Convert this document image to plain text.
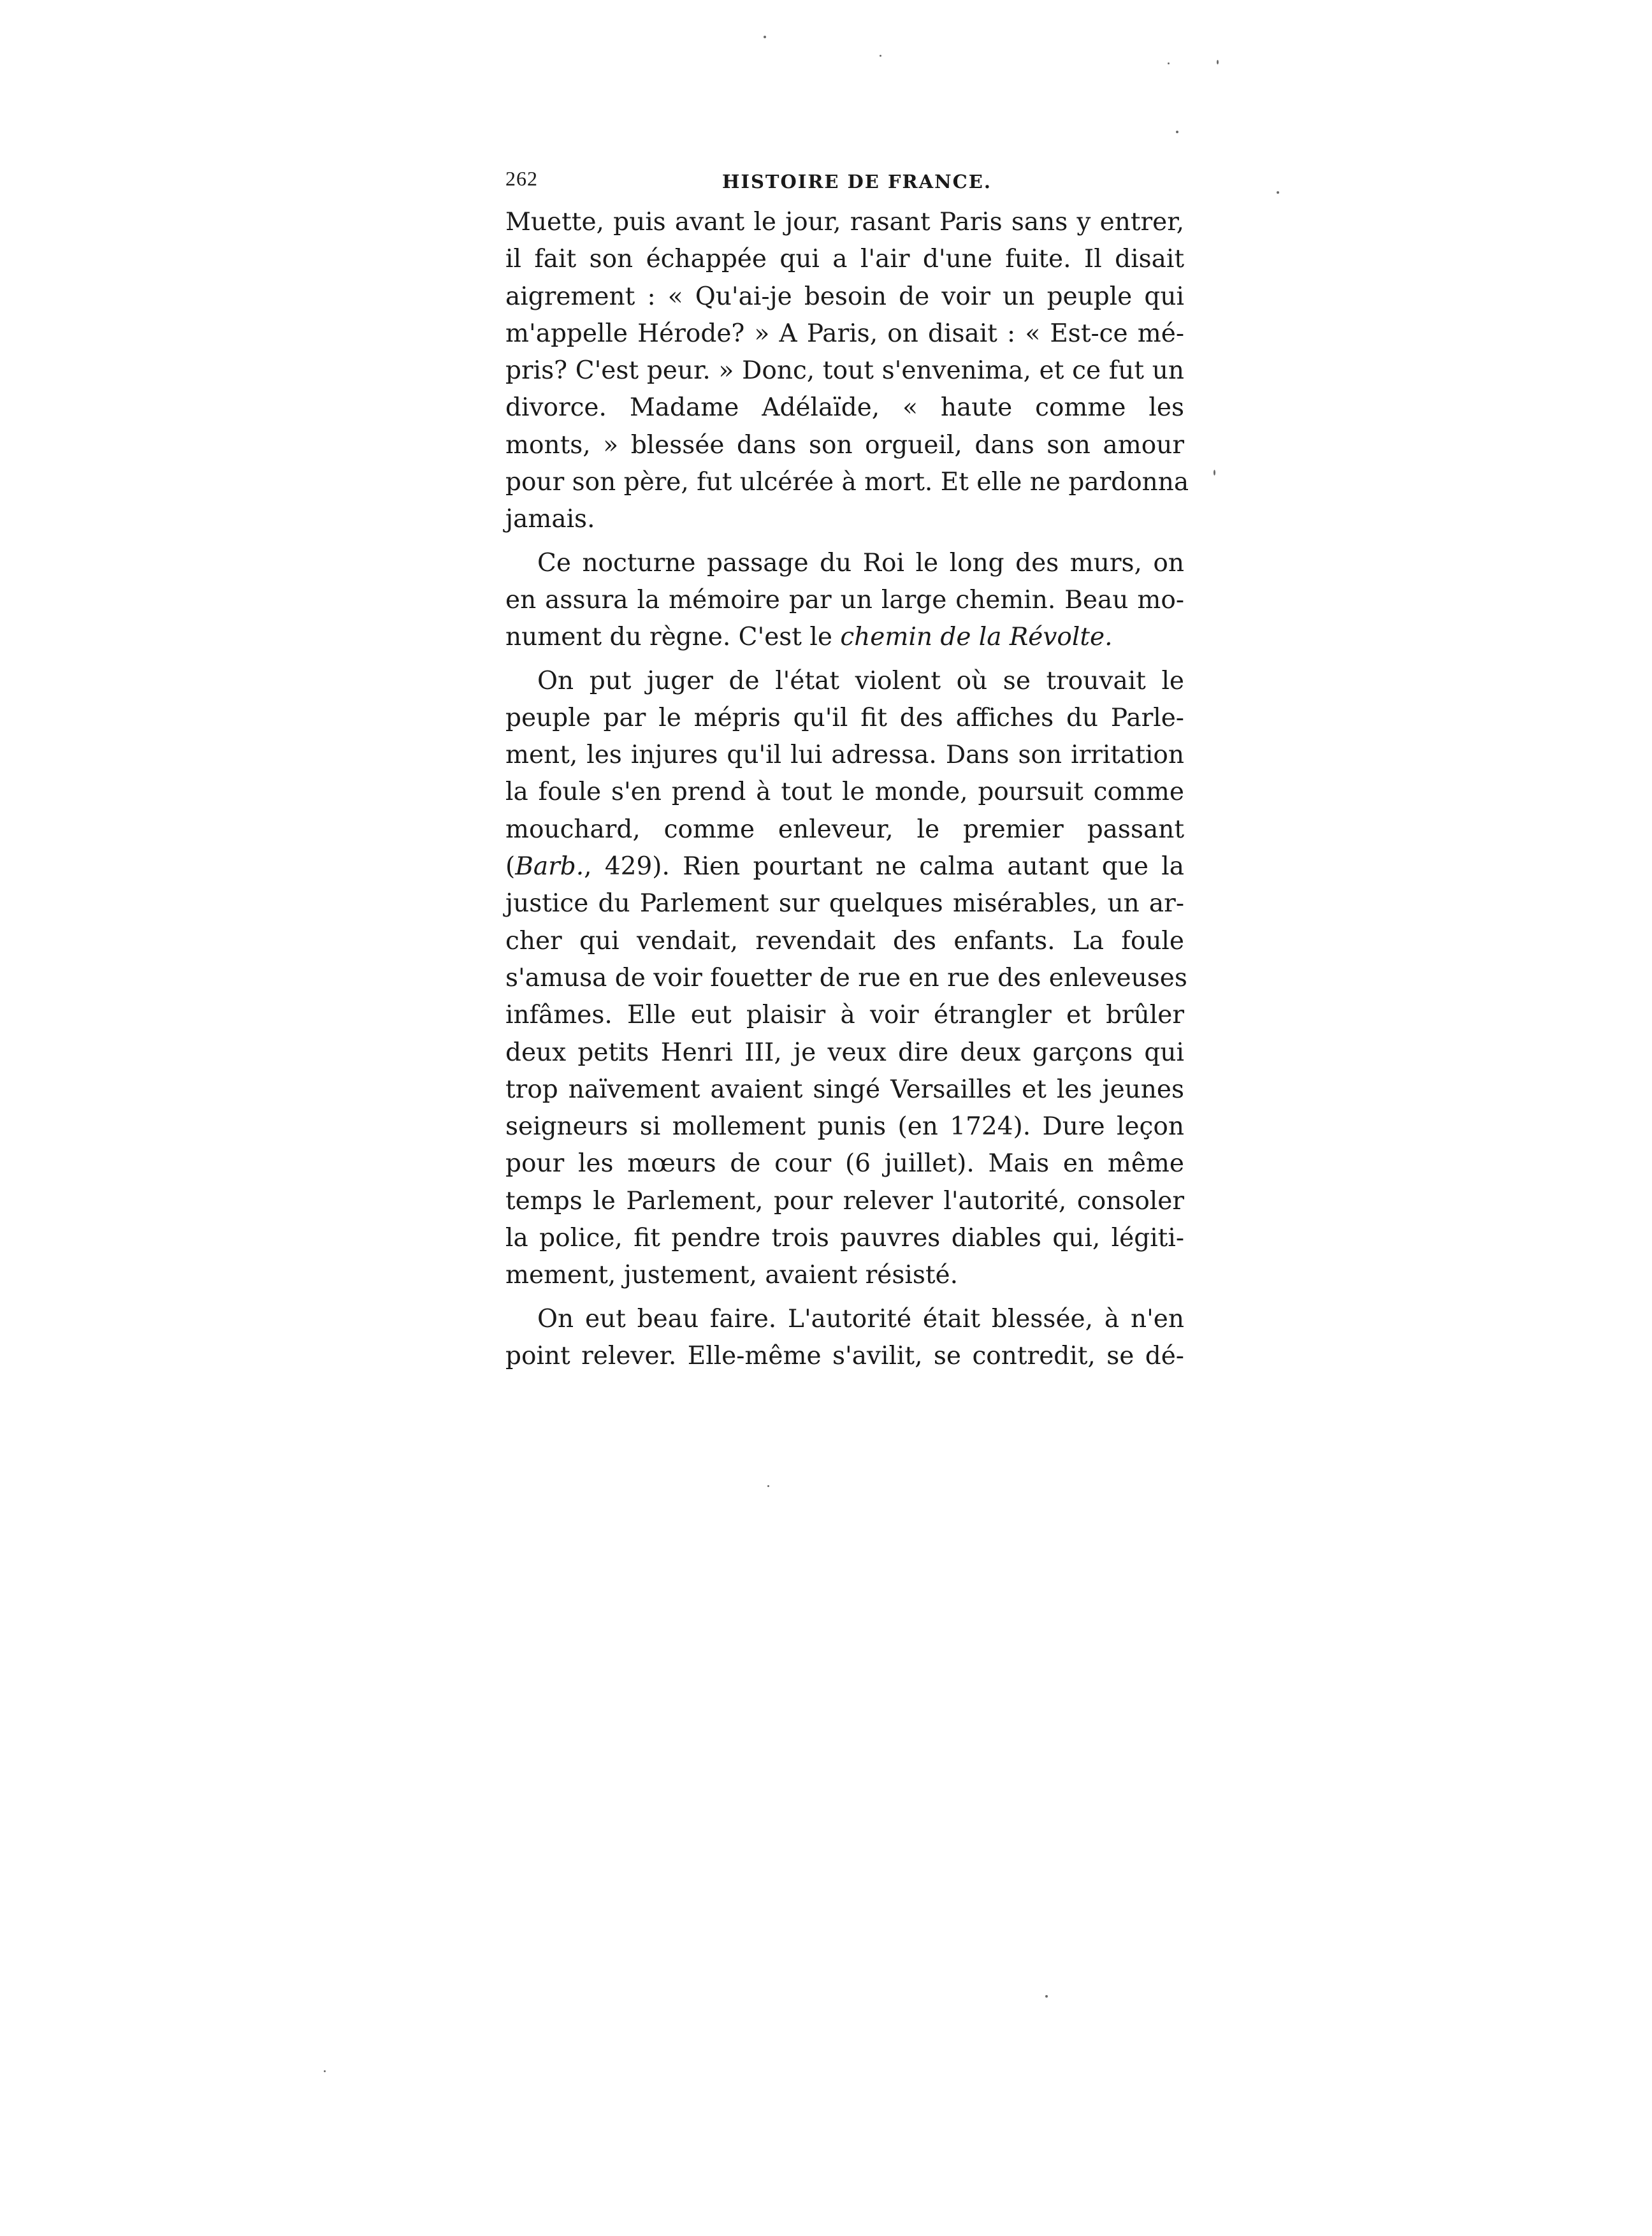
262	HISTOIRE DE FRANCE.
Muette, puis avant le jour, rasant Paris sans y entrer,
il fait son échappée qui a l'air d'une fuite. Il disait
aigrement : « Qu'ai-je besoin de voir un peuple qui
m'appelle Hérode? » A Paris, on disait : « Est-ce mé-
pris? C'est peur. » Donc, tout s'envenima, et ce fut un
divorce. Madame Adélaïde, « haute comme les
monts, » blessée dans son orgueil, dans son amour
pour son père, fut ulcérée à mort. Et elle ne pardonna
jamais.
Ce nocturne passage du Roi le long des murs, on
en assura la mémoire par un large chemin. Beau mo-
nument du règne. C'est le chemin de la Révolte.
On put juger de l'état violent où se trouvait le
peuple par le mépris qu'il fit des affiches du Parle-
ment, les injures qu'il lui adressa. Dans son irritation
la foule s'en prend à tout le monde, poursuit comme
mouchard, comme enleveur, le premier passant
(Barb., 429). Rien pourtant ne calma autant que la
justice du Parlement sur quelques misérables, un ar-
cher qui vendait, revendait des enfants. La foule
s'amusa de voir fouetter de rue en rue des enleveuses
infâmes. Elle eut plaisir à voir étrangler et brûler
deux petits Henri III, je veux dire deux garçons qui
trop naïvement avaient singé Versailles et les jeunes
seigneurs si mollement punis (en 1724). Dure leçon
pour les mœurs de cour (6 juillet). Mais en même
temps le Parlement, pour relever l'autorité, consoler
la police, fit pendre trois pauvres diables qui, légiti-
mement, justement, avaient résisté.
On eut beau faire. L'autorité était blessée, à n'en
point relever. Elle-même s'avilit, se contredit, se dé-
